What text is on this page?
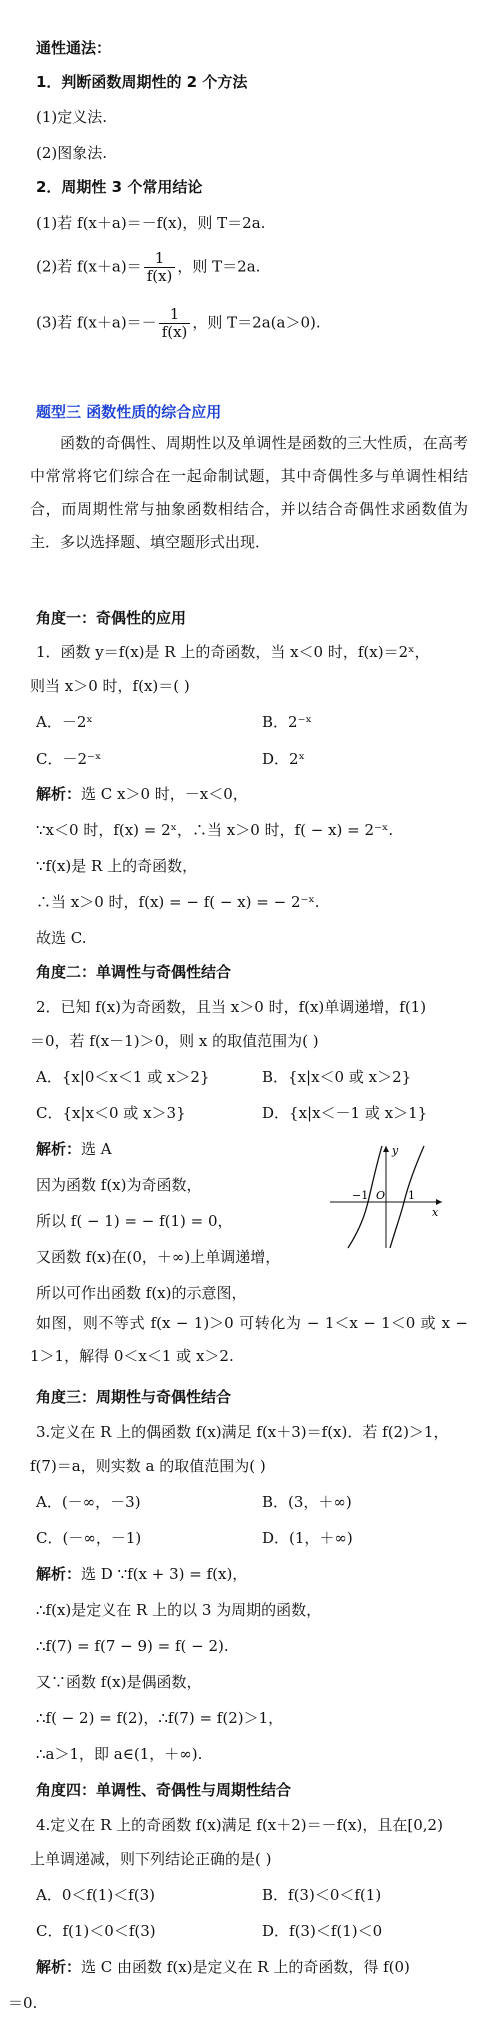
通性通法：
1．判断函数周期性的 2 个方法
(1)定义法.
(2)图象法.
2．周期性 3 个常用结论
(1)若 f(x＋a)＝－f(x)，则 T＝2a.
(2)若 $f(x+a)= \frac{1}{f(x)}$ ，则 T＝2a.
(3)若 $f(x+a)=- \frac{1}{f(x)}$ ，则 T＝2a(a＞0).
题型三 函数性质的综合应用
函数的奇偶性、周期性以及单调性是函数的三大性质，在高考中常常将它们综合在一起命制试题，其中奇偶性多与单调性相结合，而周期性常与抽象函数相结合，并以结合奇偶性求函数值为主．多以选择题、填空题形式出现．
角度一：奇偶性的应用
1．函数 y＝f(x)是 R 上的奇函数，当 x＜0 时，f(x)＝2ˣ，
则当 x＞0 时，f(x)＝( )
A．－2ˣ	B．2⁻ˣ
C．－2⁻ˣ	D．2ˣ
解析：选 C x＞0 时，－x＜0，
∵x＜0 时，f(x) = 2ˣ，∴当 x＞0 时，f( − x) = 2⁻ˣ.
∵f(x)是 R 上的奇函数，
∴当 x＞0 时，f(x) = − f( − x) = − 2⁻ˣ.
故选 C.
角度二：单调性与奇偶性结合
2．已知 f(x)为奇函数，且当 x＞0 时，f(x)单调递增，f(1)
＝0，若 f(x－1)＞0，则 x 的取值范围为( )
A．{x|0＜x＜1 或 x＞2}	B．{x|x＜0 或 x＞2}
C．{x|x＜0 或 x＞3}	D．{x|x＜－1 或 x＞1}
解析：选 A
因为函数 f(x)为奇函数，
所以 f( − 1) = − f(1) = 0，
又函数 f(x)在(0，＋∞)上单调递增，
所以可作出函数 f(x)的示意图，
如图，则不等式 f(x − 1)＞0 可转化为 − 1＜x − 1＜0 或 x − 1＞1，解得 0＜x＜1 或 x＞2.
y
x
−1 O 1
角度三：周期性与奇偶性结合
3.定义在 R 上的偶函数 f(x)满足 f(x＋3)＝f(x)．若 f(2)＞1，
f(7)＝a，则实数 a 的取值范围为( )
A．(－∞，－3)	B．(3，＋∞)
C．(－∞，－1)	D．(1，＋∞)
解析：选 D ∵f(x + 3) = f(x)，
∴f(x)是定义在 R 上的以 3 为周期的函数，
∴f(7) = f(7 − 9) = f( − 2).
又∵函数 f(x)是偶函数，
∴f( − 2) = f(2)，∴f(7) = f(2)＞1，
∴a＞1，即 a∈(1，＋∞).
角度四：单调性、奇偶性与周期性结合
4.定义在 R 上的奇函数 f(x)满足 f(x＋2)＝－f(x)，且在[0,2)
上单调递减，则下列结论正确的是( )
A．0＜f(1)＜f(3)	B．f(3)＜0＜f(1)
C．f(1)＜0＜f(3)	D．f(3)＜f(1)＜0
解析：选 C 由函数 f(x)是定义在 R 上的奇函数，得 f(0)
＝0.
